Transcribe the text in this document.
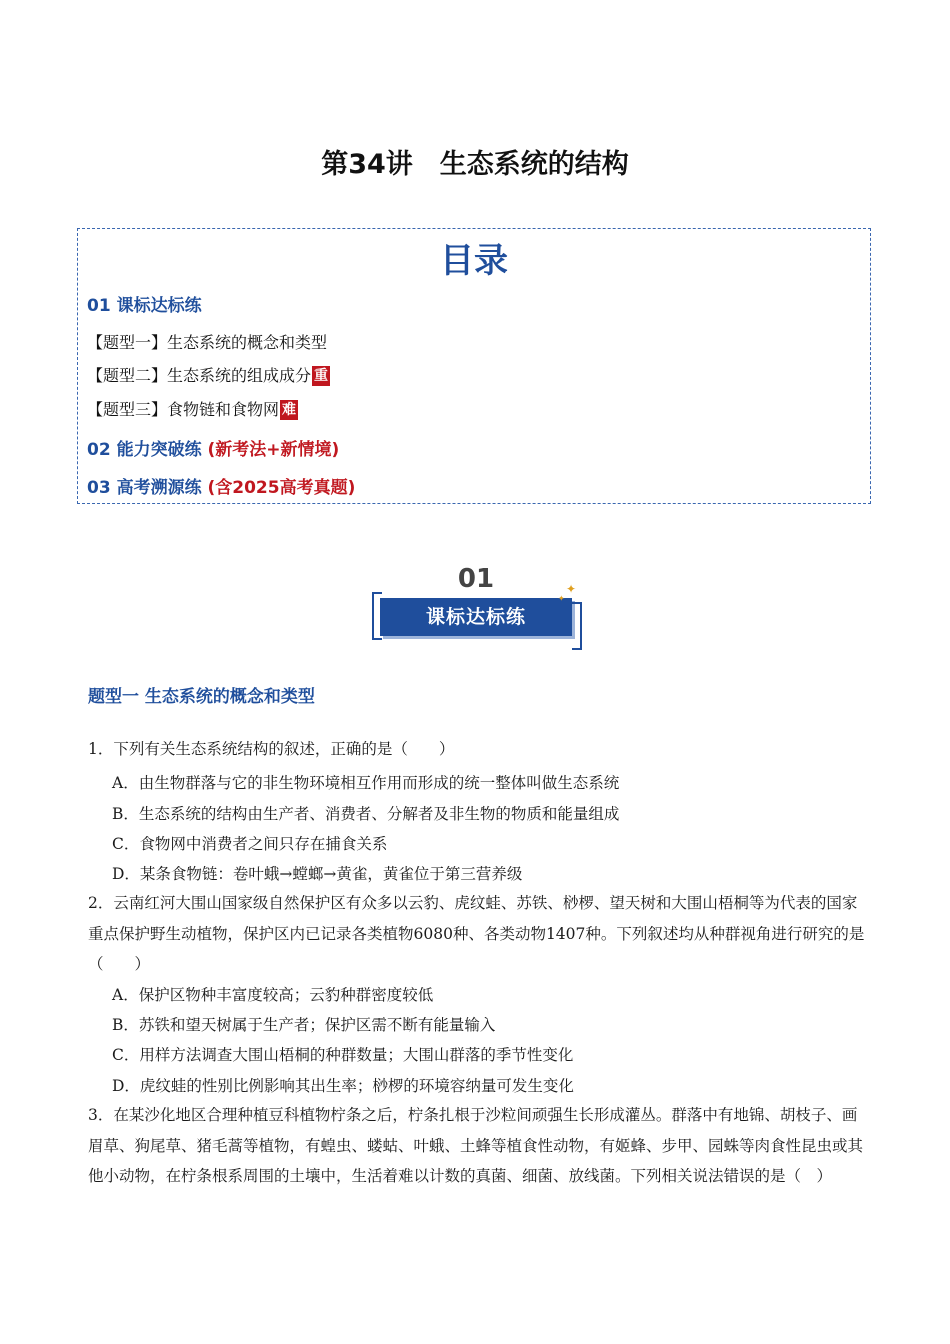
第34讲　生态系统的结构
目录
01 课标达标练
【题型一】生态系统的概念和类型
【题型二】生态系统的组成成分 重
【题型三】食物链和食物网 难
02 能力突破练 (新考法+新情境)
03 高考溯源练 (含2025高考真题)
01
课标达标练
✦
✦
题型一 生态系统的概念和类型
1．下列有关生态系统结构的叙述，正确的是（　　）
A．由生物群落与它的非生物环境相互作用而形成的统一整体叫做生态系统
B．生态系统的结构由生产者、消费者、分解者及非生物的物质和能量组成
C．食物网中消费者之间只存在捕食关系
D．某条食物链：卷叶蛾→螳螂→黄雀，黄雀位于第三营养级
2．云南红河大围山国家级自然保护区有众多以云豹、虎纹蛙、苏铁、桫椤、望天树和大围山梧桐等为代表的国家重点保护野生动植物，保护区内已记录各类植物6080种、各类动物1407种。下列叙述均从种群视角进行研究的是（　　）
A．保护区物种丰富度较高；云豹种群密度较低
B．苏铁和望天树属于生产者；保护区需不断有能量输入
C．用样方法调查大围山梧桐的种群数量；大围山群落的季节性变化
D．虎纹蛙的性别比例影响其出生率；桫椤的环境容纳量可发生变化
3．在某沙化地区合理种植豆科植物柠条之后，柠条扎根于沙粒间顽强生长形成灌丛。群落中有地锦、胡枝子、画眉草、狗尾草、猪毛蒿等植物，有蝗虫、蝼蛄、叶蛾、土蜂等植食性动物，有姬蜂、步甲、园蛛等肉食性昆虫或其他小动物，在柠条根系周围的土壤中，生活着难以计数的真菌、细菌、放线菌。下列相关说法错误的是（　）
